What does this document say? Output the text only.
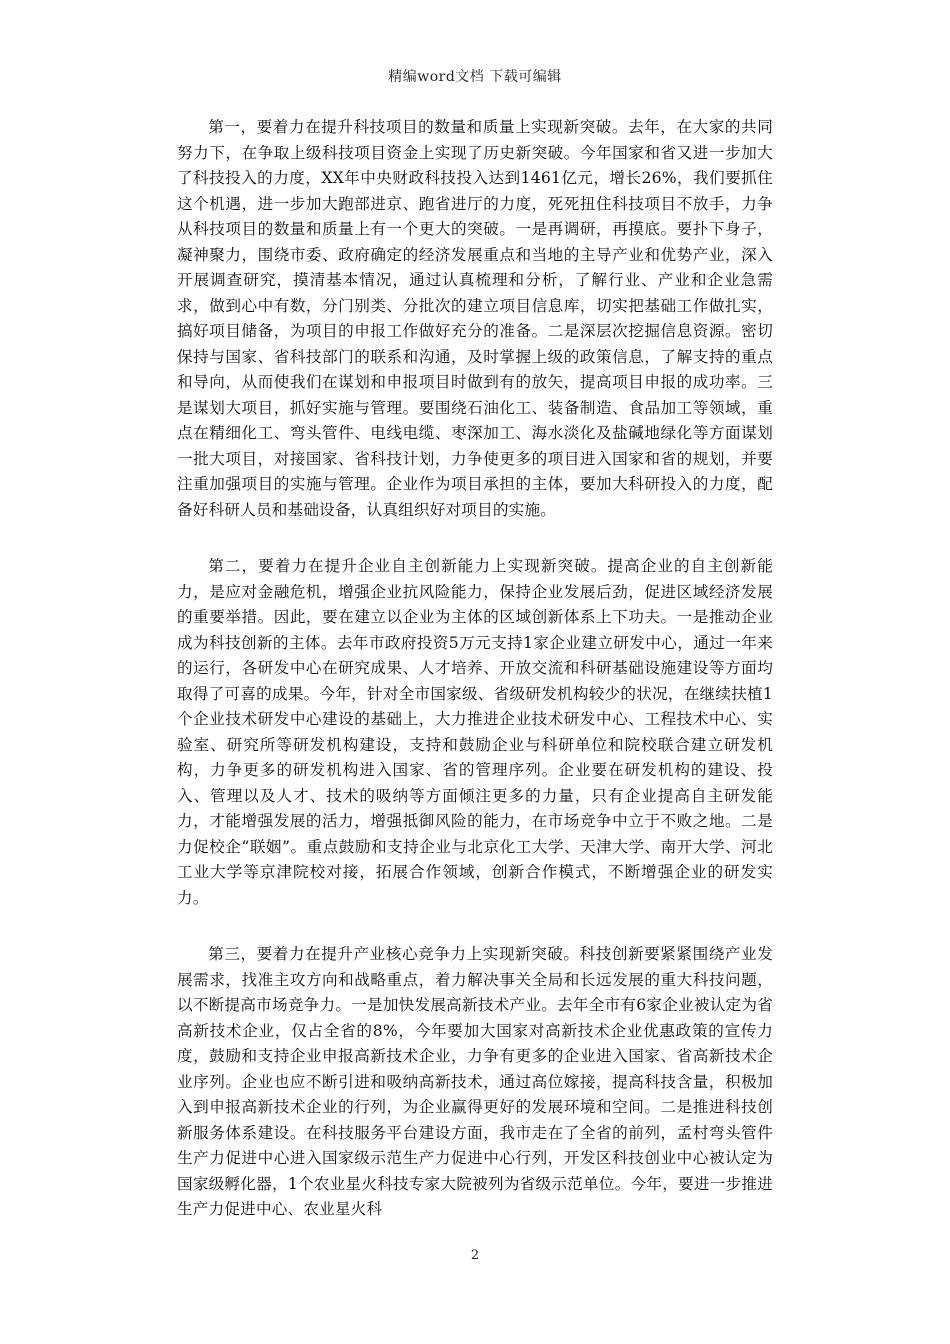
精编word文档 下载可编辑

第一，要着力在提升科技项目的数量和质量上实现新突破。去年，在大家的共同努力下，在争取上级科技项目资金上实现了历史新突破。今年国家和省又进一步加大了科技投入的力度，XX年中央财政科技投入达到1461亿元，增长26%，我们要抓住这个机遇，进一步加大跑部进京、跑省进厅的力度，死死扭住科技项目不放手，力争从科技项目的数量和质量上有一个更大的突破。一是再调研，再摸底。要扑下身子，凝神聚力，围绕市委、政府确定的经济发展重点和当地的主导产业和优势产业，深入开展调查研究，摸清基本情况，通过认真梳理和分析，了解行业、产业和企业急需求，做到心中有数，分门别类、分批次的建立项目信息库，切实把基础工作做扎实，搞好项目储备，为项目的申报工作做好充分的准备。二是深层次挖掘信息资源。密切保持与国家、省科技部门的联系和沟通，及时掌握上级的政策信息，了解支持的重点和导向，从而使我们在谋划和申报项目时做到有的放矢，提高项目申报的成功率。三是谋划大项目，抓好实施与管理。要围绕石油化工、装备制造、食品加工等领域，重点在精细化工、弯头管件、电线电缆、枣深加工、海水淡化及盐碱地绿化等方面谋划一批大项目，对接国家、省科技计划，力争使更多的项目进入国家和省的规划，并要注重加强项目的实施与管理。企业作为项目承担的主体，要加大科研投入的力度，配备好科研人员和基础设备，认真组织好对项目的实施。

第二，要着力在提升企业自主创新能力上实现新突破。提高企业的自主创新能力，是应对金融危机，增强企业抗风险能力，保持企业发展后劲，促进区域经济发展的重要举措。因此，要在建立以企业为主体的区域创新体系上下功夫。一是推动企业成为科技创新的主体。去年市政府投资5万元支持1家企业建立研发中心，通过一年来的运行，各研发中心在研究成果、人才培养、开放交流和科研基础设施建设等方面均取得了可喜的成果。今年，针对全市国家级、省级研发机构较少的状况，在继续扶植1个企业技术研发中心建设的基础上，大力推进企业技术研发中心、工程技术中心、实验室、研究所等研发机构建设，支持和鼓励企业与科研单位和院校联合建立研发机构，力争更多的研发机构进入国家、省的管理序列。企业要在研发机构的建设、投入、管理以及人才、技术的吸纳等方面倾注更多的力量，只有企业提高自主研发能力，才能增强发展的活力，增强抵御风险的能力，在市场竞争中立于不败之地。二是力促校企“联姻”。重点鼓励和支持企业与北京化工大学、天津大学、南开大学、河北工业大学等京津院校对接，拓展合作领域，创新合作模式，不断增强企业的研发实力。

第三，要着力在提升产业核心竞争力上实现新突破。科技创新要紧紧围绕产业发展需求，找准主攻方向和战略重点，着力解决事关全局和长远发展的重大科技问题，以不断提高市场竞争力。一是加快发展高新技术产业。去年全市有6家企业被认定为省高新技术企业，仅占全省的8%，今年要加大国家对高新技术企业优惠政策的宣传力度，鼓励和支持企业申报高新技术企业，力争有更多的企业进入国家、省高新技术企业序列。企业也应不断引进和吸纳高新技术，通过高位嫁接，提高科技含量，积极加入到申报高新技术企业的行列，为企业赢得更好的发展环境和空间。二是推进科技创新服务体系建设。在科技服务平台建设方面，我市走在了全省的前列，孟村弯头管件生产力促进中心进入国家级示范生产力促进中心行列，开发区科技创业中心被认定为国家级孵化器，1个农业星火科技专家大院被列为省级示范单位。今年，要进一步推进生产力促进中心、农业星火科

2
